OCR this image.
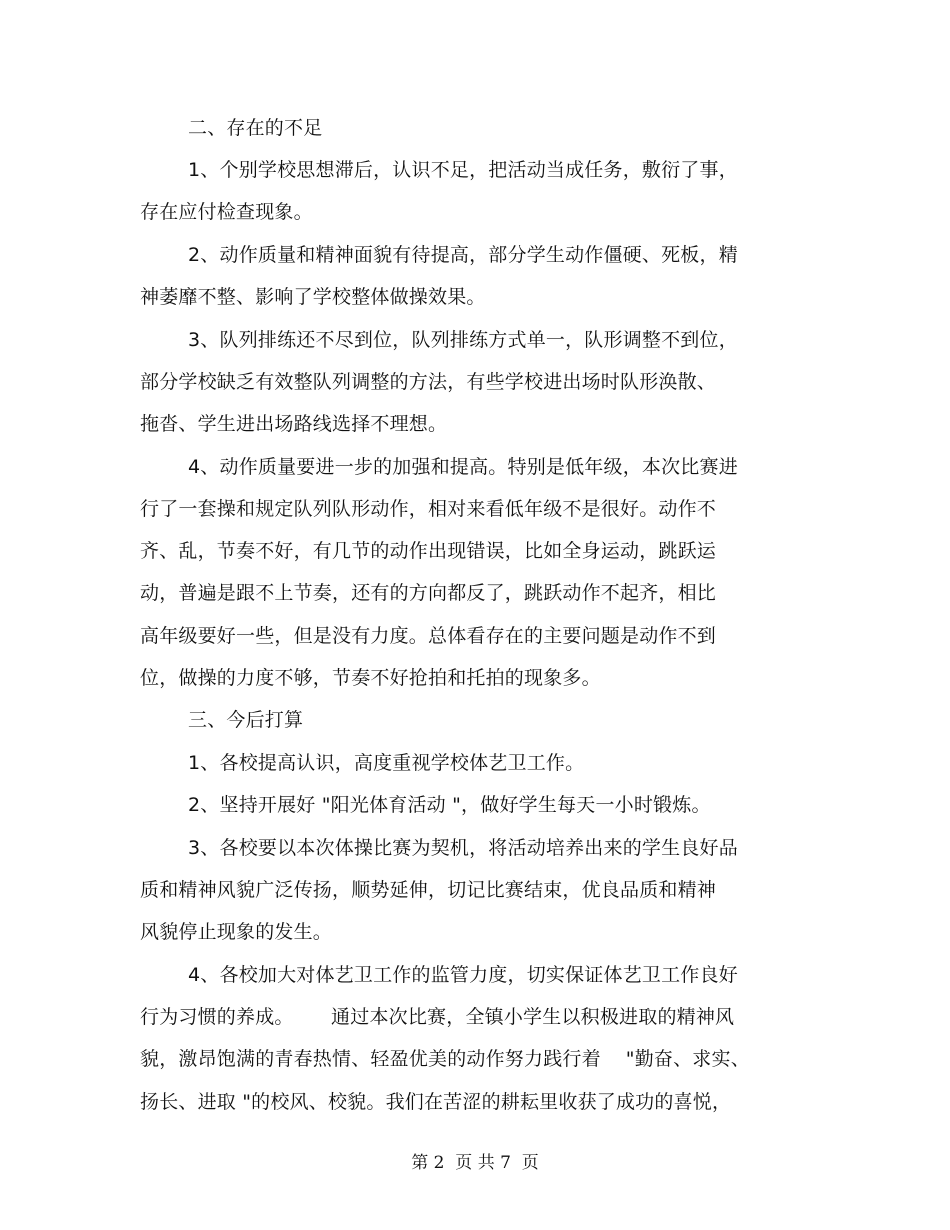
二、存在的不足
1、个别学校思想滞后，认识不足，把活动当成任务，敷衍了事，
存在应付检查现象。
2、动作质量和精神面貌有待提高，部分学生动作僵硬、死板，精
神萎靡不整、影响了学校整体做操效果。
3、队列排练还不尽到位，队列排练方式单一，队形调整不到位，
部分学校缺乏有效整队列调整的方法，有些学校进出场时队形涣散、
拖沓、学生进出场路线选择不理想。
4、动作质量要进一步的加强和提高。特别是低年级，本次比赛进
行了一套操和规定队列队形动作，相对来看低年级不是很好。动作不
齐、乱，节奏不好，有几节的动作出现错误，比如全身运动，跳跃运
动，普遍是跟不上节奏，还有的方向都反了，跳跃动作不起齐，相比
高年级要好一些，但是没有力度。总体看存在的主要问题是动作不到
位，做操的力度不够，节奏不好抢拍和托拍的现象多。
三、今后打算
1、各校提高认识，高度重视学校体艺卫工作。
2、坚持开展好 "阳光体育活动 "，做好学生每天一小时锻炼。
3、各校要以本次体操比赛为契机，将活动培养出来的学生良好品
质和精神风貌广泛传扬，顺势延伸，切记比赛结束，优良品质和精神
风貌停止现象的发生。
4、各校加大对体艺卫工作的监管力度，切实保证体艺卫工作良好
行为习惯的养成。      通过本次比赛，全镇小学生以积极进取的精神风
貌，激昂饱满的青春热情、轻盈优美的动作努力践行着    "勤奋、求实、
扬长、进取 "的校风、校貌。我们在苦涩的耕耘里收获了成功的喜悦，
第 2  页 共 7  页
